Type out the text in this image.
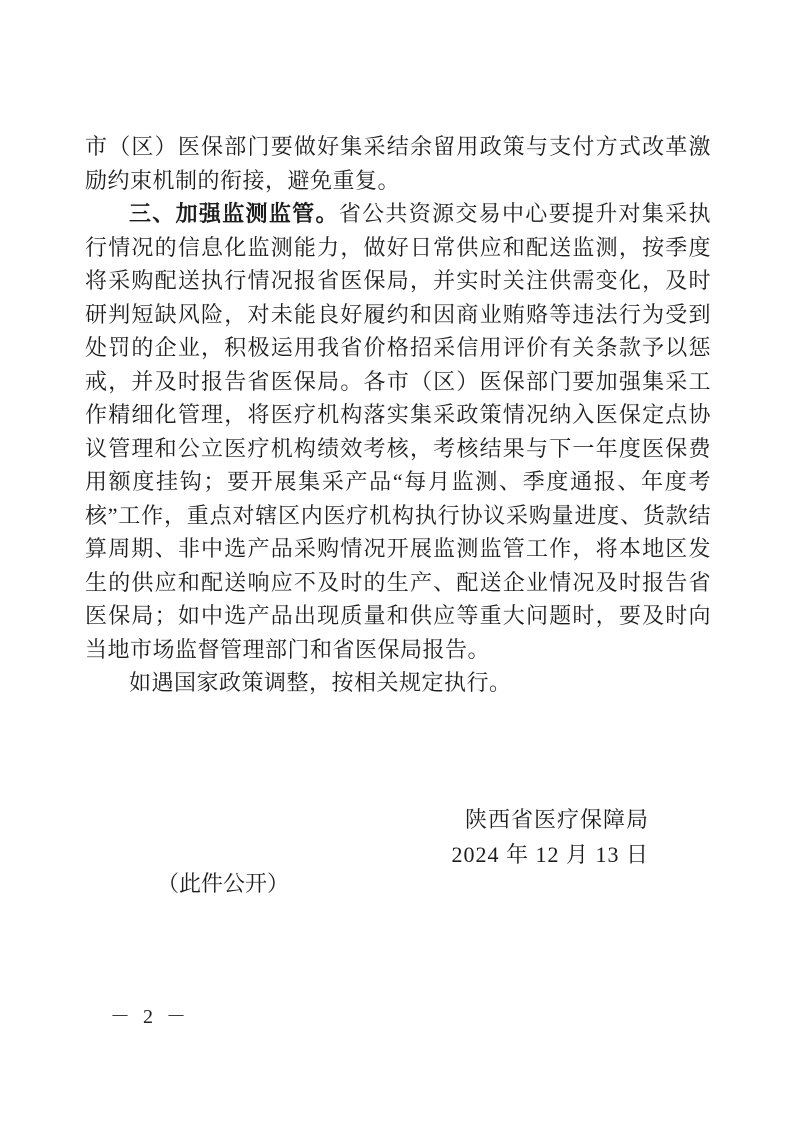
市（区）医保部门要做好集采结余留用政策与支付方式改革激励约束机制的衔接，避免重复。

三、加强监测监管。省公共资源交易中心要提升对集采执行情况的信息化监测能力，做好日常供应和配送监测，按季度将采购配送执行情况报省医保局，并实时关注供需变化，及时研判短缺风险，对未能良好履约和因商业贿赂等违法行为受到处罚的企业，积极运用我省价格招采信用评价有关条款予以惩戒，并及时报告省医保局。各市（区）医保部门要加强集采工作精细化管理，将医疗机构落实集采政策情况纳入医保定点协议管理和公立医疗机构绩效考核，考核结果与下一年度医保费用额度挂钩；要开展集采产品“每月监测、季度通报、年度考核”工作，重点对辖区内医疗机构执行协议采购量进度、货款结算周期、非中选产品采购情况开展监测监管工作，将本地区发生的供应和配送响应不及时的生产、配送企业情况及时报告省医保局；如中选产品出现质量和供应等重大问题时，要及时向当地市场监督管理部门和省医保局报告。

如遇国家政策调整，按相关规定执行。

陕西省医疗保障局
2024 年 12 月 13 日
（此件公开）
－ 2 －
